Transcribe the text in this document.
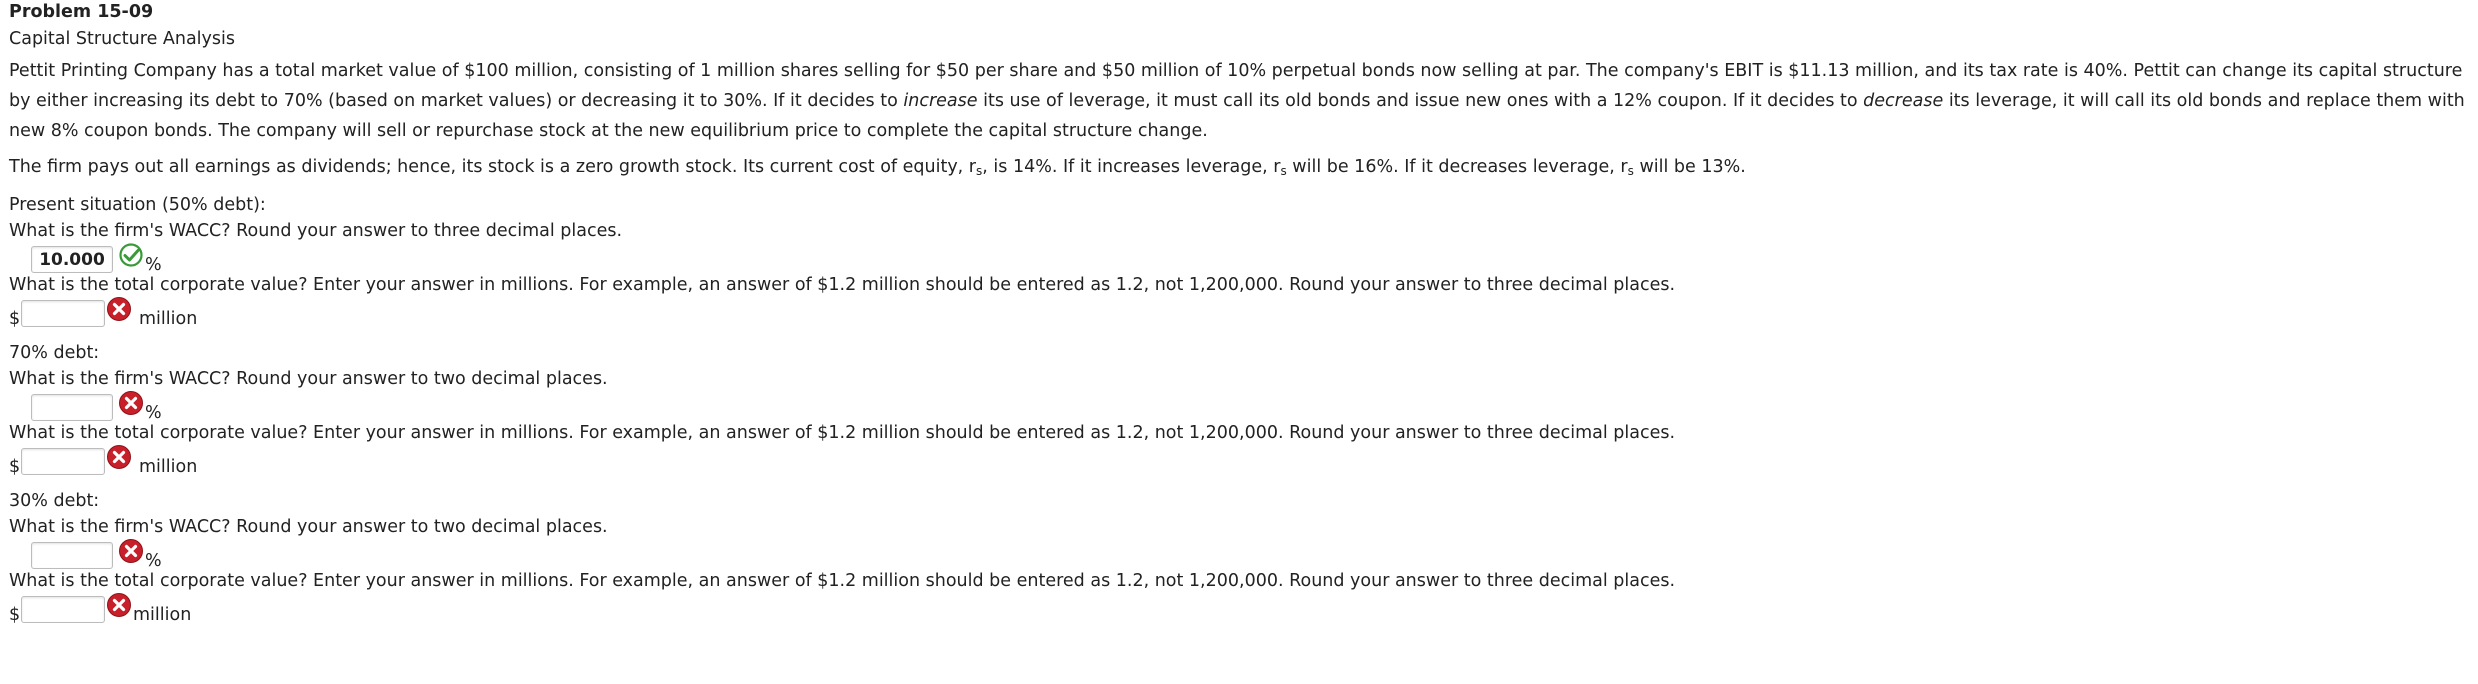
Problem 15-09
Capital Structure Analysis
Pettit Printing Company has a total market value of $100 million, consisting of 1 million shares selling for $50 per share and $50 million of 10% perpetual bonds now selling at par. The company's EBIT is $11.13 million, and its tax rate is 40%. Pettit can change its capital structure by either increasing its debt to 70% (based on market values) or decreasing it to 30%. If it decides to increase its use of leverage, it must call its old bonds and issue new ones with a 12% coupon. If it decides to decrease its leverage, it will call its old bonds and replace them with new 8% coupon bonds. The company will sell or repurchase stock at the new equilibrium price to complete the capital structure change.
The firm pays out all earnings as dividends; hence, its stock is a zero growth stock. Its current cost of equity, $r_s$, is 14%. If it increases leverage, $r_s$ will be 16%. If it decreases leverage, $r_s$ will be 13%.
Present situation (50% debt):
What is the firm's WACC? Round your answer to three decimal places.
10.000
%
What is the total corporate value? Enter your answer in millions. For example, an answer of $1.2 million should be entered as 1.2, not 1,200,000. Round your answer to three decimal places.
$	million
70% debt:
What is the firm's WACC? Round your answer to two decimal places.
%
What is the total corporate value? Enter your answer in millions. For example, an answer of $1.2 million should be entered as 1.2, not 1,200,000. Round your answer to three decimal places.
$	million
30% debt:
What is the firm's WACC? Round your answer to two decimal places.
%
What is the total corporate value? Enter your answer in millions. For example, an answer of $1.2 million should be entered as 1.2, not 1,200,000. Round your answer to three decimal places.
$	million
